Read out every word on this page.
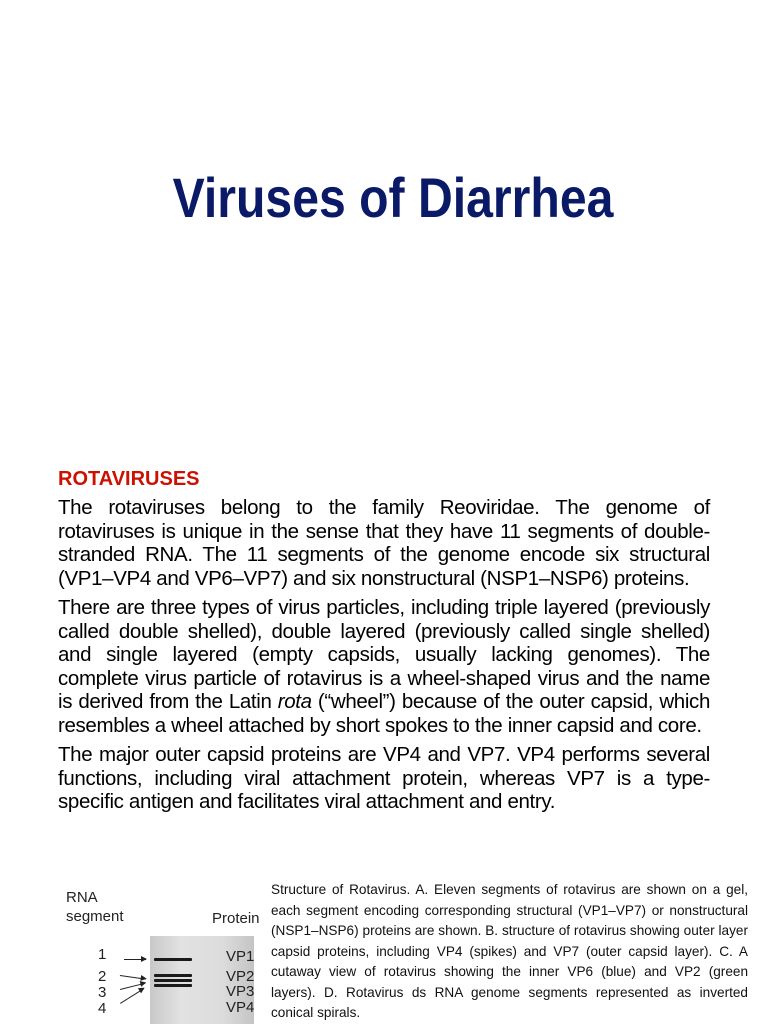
Viruses of Diarrhea
ROTAVIRUSES

The rotaviruses belong to the family Reoviridae. The genome of rotaviruses is unique in the sense that they have 11 segments of double-stranded RNA. The 11 segments of the genome encode six structural (VP1–VP4 and VP6–VP7) and six nonstructural (NSP1–NSP6) proteins.

There are three types of virus particles, including triple layered (previously called double shelled), double layered (previously called single shelled) and single layered (empty capsids, usually lacking genomes). The complete virus particle of rotavirus is a wheel-shaped virus and the name is derived from the Latin rota (“wheel”) because of the outer capsid, which resembles a wheel attached by short spokes to the inner capsid and core.

The major outer capsid proteins are VP4 and VP7. VP4 performs several functions, including viral attachment protein, whereas VP7 is a type-specific antigen and facilitates viral attachment and entry.

RNA
segment	Protein
1
2
3
4
VP1
VP2
VP3
VP4
Structure of Rotavirus. A. Eleven segments of rotavirus are shown on a gel, each segment encoding corresponding structural (VP1–VP7) or nonstructural (NSP1–NSP6) proteins are shown. B. structure of rotavirus showing outer layer capsid proteins, including VP4 (spikes) and VP7 (outer capsid layer). C. A cutaway view of rotavirus showing the inner VP6 (blue) and VP2 (green layers). D. Rotavirus ds RNA genome segments represented as inverted conical spirals.
